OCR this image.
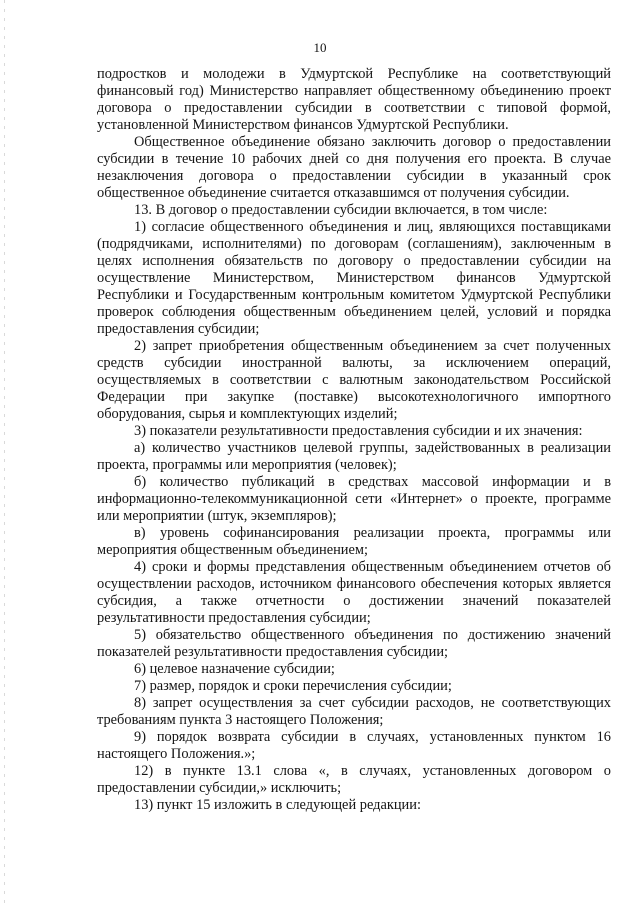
10

подростков и молодежи в Удмуртской Республике на соответствующий финансовый год) Министерство направляет общественному объединению проект договора о предоставлении субсидии в соответствии с типовой формой, установленной Министерством финансов Удмуртской Республики.

Общественное объединение обязано заключить договор о предоставлении субсидии в течение 10 рабочих дней со дня получения его проекта. В случае незаключения договора о предоставлении субсидии в указанный срок общественное объединение считается отказавшимся от получения субсидии.

13. В договор о предоставлении субсидии включается, в том числе:

1) согласие общественного объединения и лиц, являющихся поставщиками (подрядчиками, исполнителями) по договорам (соглашениям), заключенным в целях исполнения обязательств по договору о предоставлении субсидии на осуществление Министерством, Министерством финансов Удмуртской Республики и Государственным контрольным комитетом Удмуртской Республики проверок соблюдения общественным объединением целей, условий и порядка предоставления субсидии;

2) запрет приобретения общественным объединением за счет полученных средств субсидии иностранной валюты, за исключением операций, осуществляемых в соответствии с валютным законодательством Российской Федерации при закупке (поставке) высокотехнологичного импортного оборудования, сырья и комплектующих изделий;

3) показатели результативности предоставления субсидии и их значения:

а) количество участников целевой группы, задействованных в реализации проекта, программы или мероприятия (человек);

б) количество публикаций в средствах массовой информации и в информационно-телекоммуникационной сети «Интернет» о проекте, программе или мероприятии (штук, экземпляров);

в) уровень софинансирования реализации проекта, программы или мероприятия общественным объединением;

4) сроки и формы представления общественным объединением отчетов об осуществлении расходов, источником финансового обеспечения которых является субсидия, а также отчетности о достижении значений показателей результативности предоставления субсидии;

5) обязательство общественного объединения по достижению значений показателей результативности предоставления субсидии;

6) целевое назначение субсидии;

7) размер, порядок и сроки перечисления субсидии;

8) запрет осуществления за счет субсидии расходов, не соответствующих требованиям пункта 3 настоящего Положения;

9) порядок возврата субсидии в случаях, установленных пунктом 16 настоящего Положения.»;

12) в пункте 13.1 слова «, в случаях, установленных договором о предоставлении субсидии,» исключить;

13) пункт 15 изложить в следующей редакции:
